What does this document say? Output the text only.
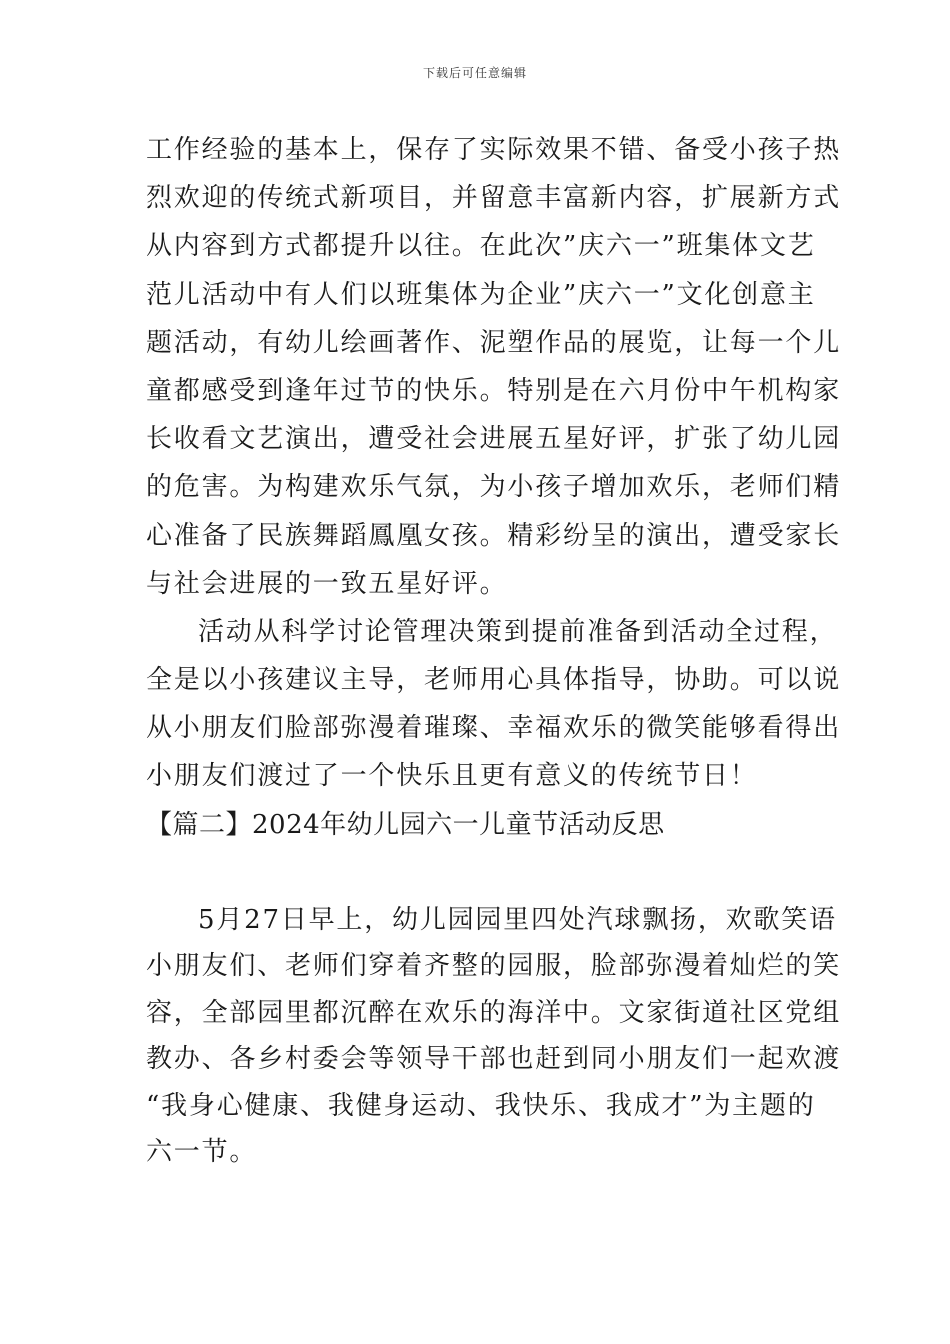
下载后可任意编辑
工作经验的基本上，保存了实际效果不错、备受小孩子热
烈欢迎的传统式新项目，并留意丰富新内容，扩展新方式
从内容到方式都提升以往。在此次”庆六一”班集体文艺
范儿活动中有人们以班集体为企业”庆六一”文化创意主
题活动，有幼儿绘画著作、泥塑作品的展览，让每一个儿
童都感受到逢年过节的快乐。特别是在六月份中午机构家
长收看文艺演出，遭受社会进展五星好评，扩张了幼儿园
的危害。为构建欢乐气氛，为小孩子增加欢乐，老师们精
心准备了民族舞蹈鳳凰女孩。精彩纷呈的演出，遭受家长
与社会进展的一致五星好评。
活动从科学讨论管理决策到提前准备到活动全过程，
全是以小孩建议主导，老师用心具体指导，协助。可以说
从小朋友们脸部弥漫着璀璨、幸福欢乐的微笑能够看得出
小朋友们渡过了一个快乐且更有意义的传统节日！
【篇二】2024年幼儿园六一儿童节活动反思
5月27日早上，幼儿园园里四处汽球飘扬，欢歌笑语
小朋友们、老师们穿着齐整的园服，脸部弥漫着灿烂的笑
容，全部园里都沉醉在欢乐的海洋中。文家街道社区党组
教办、各乡村委会等领导干部也赶到同小朋友们一起欢渡
“我身心健康、我健身运动、我快乐、我成才”为主题的
六一节。
